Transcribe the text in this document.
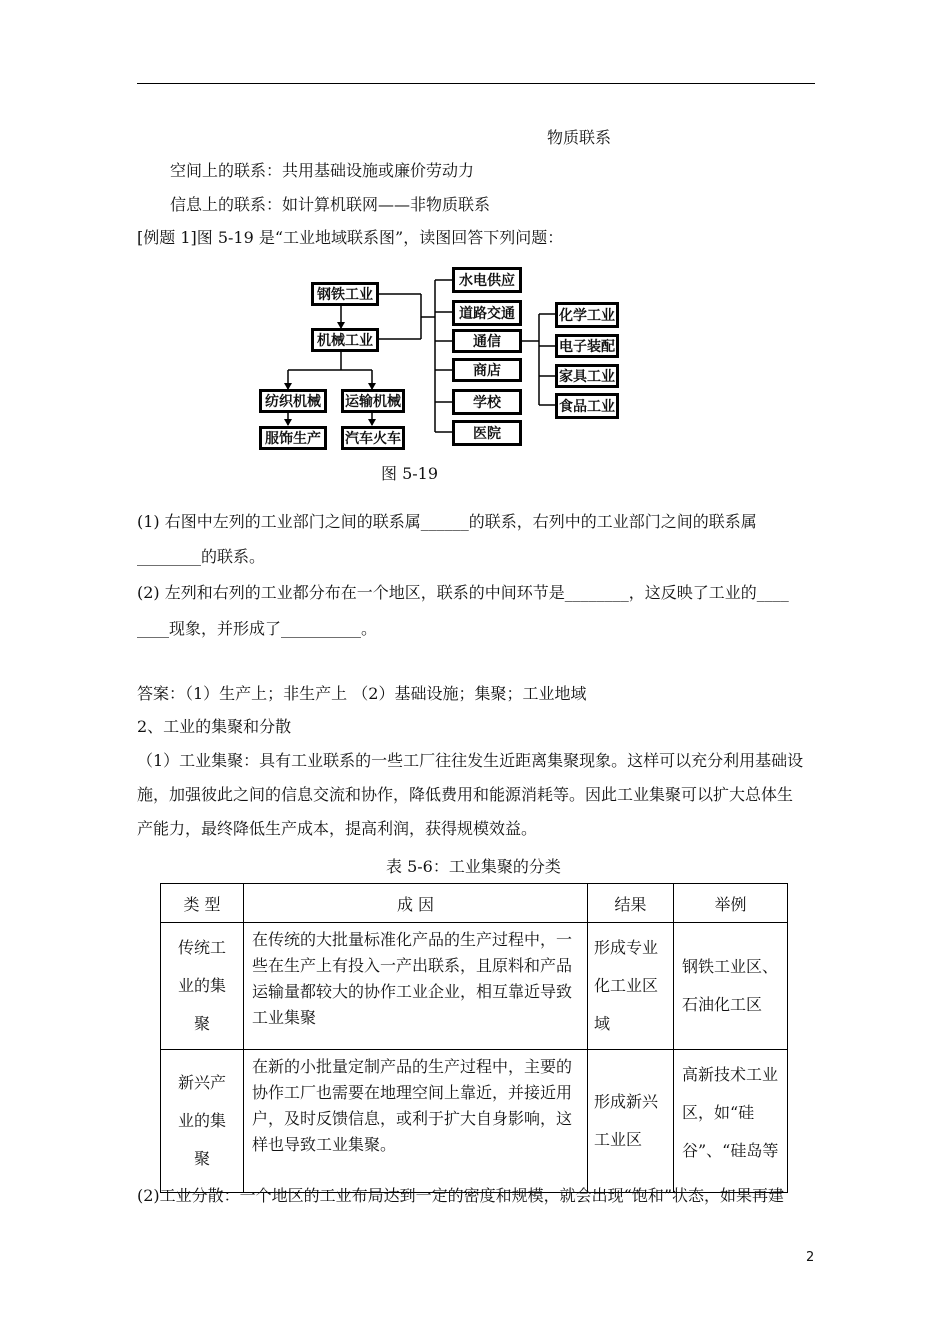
物质联系
空间上的联系：共用基础设施或廉价劳动力
信息上的联系：如计算机联网——非物质联系
[例题 1]图 5-19 是“工业地域联系图”，读图回答下列问题：
钢铁工业
机械工业
纺织机械
服饰生产
运输机械
汽车火车
水电供应
道路交通
通信
商店
学校
医院
化学工业
电子装配
家具工业
食品工业
图 5-19
(1) 右图中左列的工业部门之间的联系属______的联系，右列中的工业部门之间的联系属
________的联系。
(2) 左列和右列的工业都分布在一个地区，联系的中间环节是________，这反映了工业的____
____现象，并形成了__________。
答案：（1）生产上；非生产上 （2）基础设施；集聚；工业地域
2、工业的集聚和分散
（1）工业集聚：具有工业联系的一些工厂往往发生近距离集聚现象。这样可以充分利用基础设
施，加强彼此之间的信息交流和协作，降低费用和能源消耗等。因此工业集聚可以扩大总体生
产能力，最终降低生产成本，提高利润，获得规模效益。
表 5-6：工业集聚的分类
类 型	成 因	结果	举例

传统工业的集聚	在传统的大批量标准化产品的生产过程中，一些在生产上有投入一产出联系，且原料和产品运输量都较大的协作工业企业，相互靠近导致工业集聚	形成专业化工业区域	钢铁工业区、石油化工区

新兴产业的集聚	在新的小批量定制产品的生产过程中，主要的协作工厂也需要在地理空间上靠近，并接近用户，及时反馈信息，或利于扩大自身影响，这样也导致工业集聚。	形成新兴工业区	高新技术工业区，如“硅谷”、“硅岛等
(2)工业分散：一个地区的工业布局达到一定的密度和规模，就会出现“饱和”状态，如果再建
2
